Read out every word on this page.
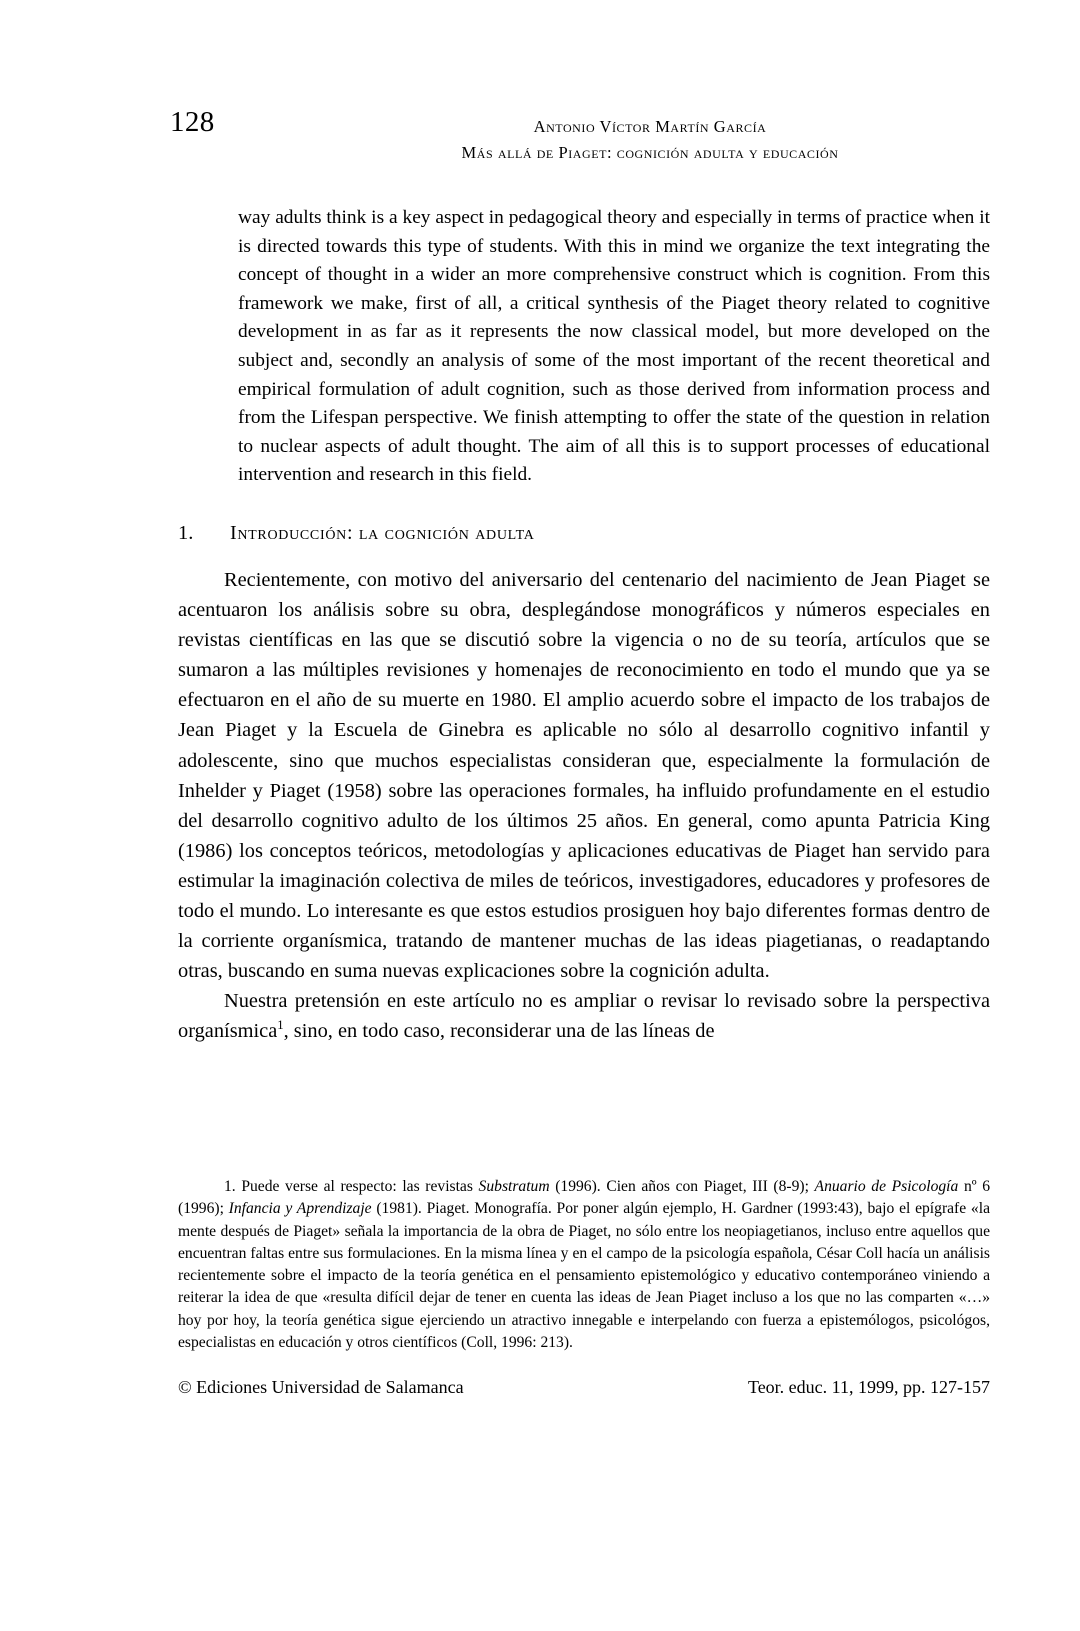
128	Antonio Víctor Martín García
Más allá de Piaget: cognición adulta y educación
way adults think is a key aspect in pedagogical theory and especially in terms of practice when it is directed towards this type of students. With this in mind we organize the text integrating the concept of thought in a wider an more comprehensive construct which is cognition. From this framework we make, first of all, a critical synthesis of the Piaget theory related to cognitive development in as far as it represents the now classical model, but more developed on the subject and, secondly an analysis of some of the most important of the recent theoretical and empirical formulation of adult cognition, such as those derived from information process and from the Lifespan perspective. We finish attempting to offer the state of the question in relation to nuclear aspects of adult thought. The aim of all this is to support processes of educational intervention and research in this field.
1. Introducción: la cognición adulta

Recientemente, con motivo del aniversario del centenario del nacimiento de Jean Piaget se acentuaron los análisis sobre su obra, desplegándose monográficos y números especiales en revistas científicas en las que se discutió sobre la vigencia o no de su teoría, artículos que se sumaron a las múltiples revisiones y homenajes de reconocimiento en todo el mundo que ya se efectuaron en el año de su muerte en 1980. El amplio acuerdo sobre el impacto de los trabajos de Jean Piaget y la Escuela de Ginebra es aplicable no sólo al desarrollo cognitivo infantil y adolescente, sino que muchos especialistas consideran que, especialmente la formulación de Inhelder y Piaget (1958) sobre las operaciones formales, ha influido profundamente en el estudio del desarrollo cognitivo adulto de los últimos 25 años. En general, como apunta Patricia King (1986) los conceptos teóricos, metodologías y aplicaciones educativas de Piaget han servido para estimular la imaginación colectiva de miles de teóricos, investigadores, educadores y profesores de todo el mundo. Lo interesante es que estos estudios prosiguen hoy bajo diferentes formas dentro de la corriente organísmica, tratando de mantener muchas de las ideas piagetianas, o readaptando otras, buscando en suma nuevas explicaciones sobre la cognición adulta.

Nuestra pretensión en este artículo no es ampliar o revisar lo revisado sobre la perspectiva organísmica$^1$, sino, en todo caso, reconsiderar una de las líneas de

1. Puede verse al respecto: las revistas Substratum (1996). Cien años con Piaget, III (8-9); Anuario de Psicología nº 6 (1996); Infancia y Aprendizaje (1981). Piaget. Monografía. Por poner algún ejemplo, H. Gardner (1993:43), bajo el epígrafe «la mente después de Piaget» señala la importancia de la obra de Piaget, no sólo entre los neopiagetianos, incluso entre aquellos que encuentran faltas entre sus formulaciones. En la misma línea y en el campo de la psicología española, César Coll hacía un análisis recientemente sobre el impacto de la teoría genética en el pensamiento epistemológico y educativo contemporáneo viniendo a reiterar la idea de que «resulta difícil dejar de tener en cuenta las ideas de Jean Piaget incluso a los que no las comparten «…» hoy por hoy, la teoría genética sigue ejerciendo un atractivo innegable e interpelando con fuerza a epistemólogos, psicológos, especialistas en educación y otros científicos (Coll, 1996: 213).

© Ediciones Universidad de Salamanca	Teor. educ. 11, 1999, pp. 127-157
